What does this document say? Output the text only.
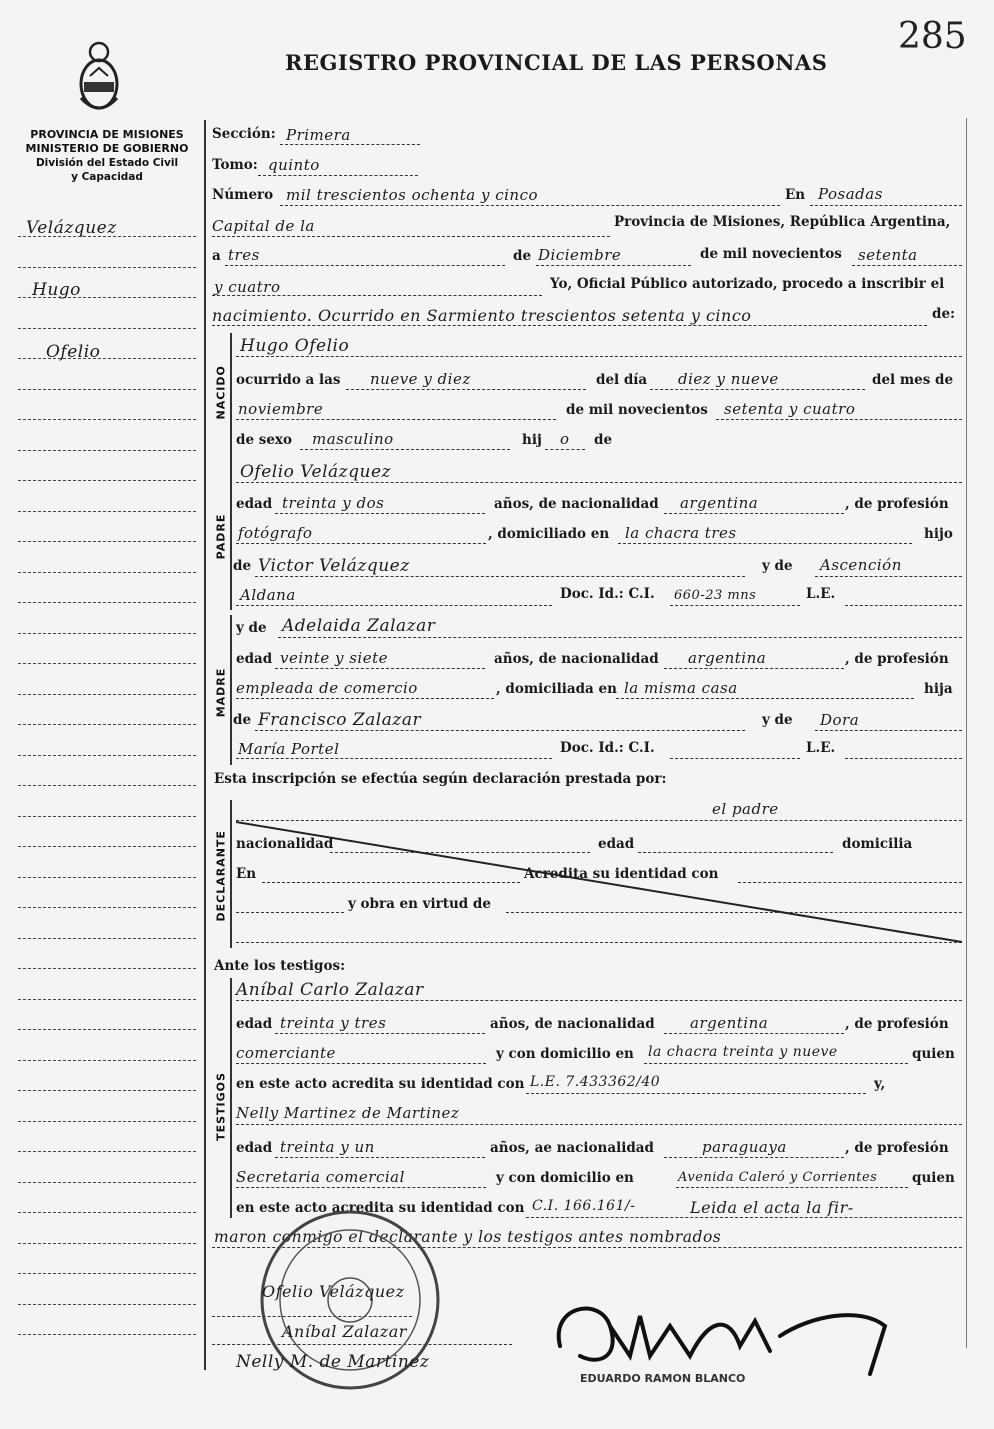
REGISTRO PROVINCIAL DE LAS PERSONAS
285
PROVINCIA DE MISIONES
MINISTERIO DE GOBIERNO
División del Estado Civil
y Capacidad
Velázquez
Hugo
Ofelio
Sección: Primera
Tomo: quinto
Número mil trescientos ochenta y cinco	En Posadas
Capital de la	Provincia de Misiones, República Argentina,
a tres	de Diciembre	de mil novecientos setenta
y cuatro	Yo, Oficial Público autorizado, procedo a inscribir el
nacimiento. Ocurrido en Sarmiento trescientos setenta y cinco	de:
NACIDO
Hugo Ofelio
ocurrido a las nueve y diez	del día diez y nueve	del mes de
noviembre	de mil novecientos setenta y cuatro
de sexo masculino	hij o de
PADRE
Ofelio Velázquez
edad treinta y dos	años, de nacionalidad argentina	, de profesión
fotógrafo	, domiciliado en la chacra tres	hijo
de Victor Velázquez	y de Ascención
Aldana	Doc. Id.: C.I. 660-23 mns	L.E.
MADRE
y de Adelaida Zalazar
edad veinte y siete	años, de nacionalidad argentina	, de profesión
empleada de comercio	, domiciliada en la misma casa	hija
de Francisco Zalazar	y de Dora
María Portel	Doc. Id.: C.I.	L.E.
Esta inscripción se efectúa según declaración prestada por:
DECLARANTE
el padre
nacionalidad	edad	domicilia
En	Acredita su identidad con
y obra en virtud de
Ante los testigos:
TESTIGOS
Aníbal Carlo Zalazar
edad treinta y tres	años, de nacionalidad argentina	, de profesión
comerciante	y con domicilio en la chacra treinta y nueve	quien
en este acto acredita su identidad con L.E. 7.433362/40	y,
Nelly Martinez de Martinez
edad treinta y un	años, ae nacionalidad	paraguaya	, de profesión
Secretaria comercial	y con domicilio en	Avenida Caleró y Corrientes	quien
en este acto acredita su identidad con C.I. 166.161/-	Leida el acta la fir-
maron conmigo el declarante y los testigos antes nombrados
Ofelio Velázquez
Aníbal Zalazar
Nelly M. de Martinez
EDUARDO RAMON BLANCO
